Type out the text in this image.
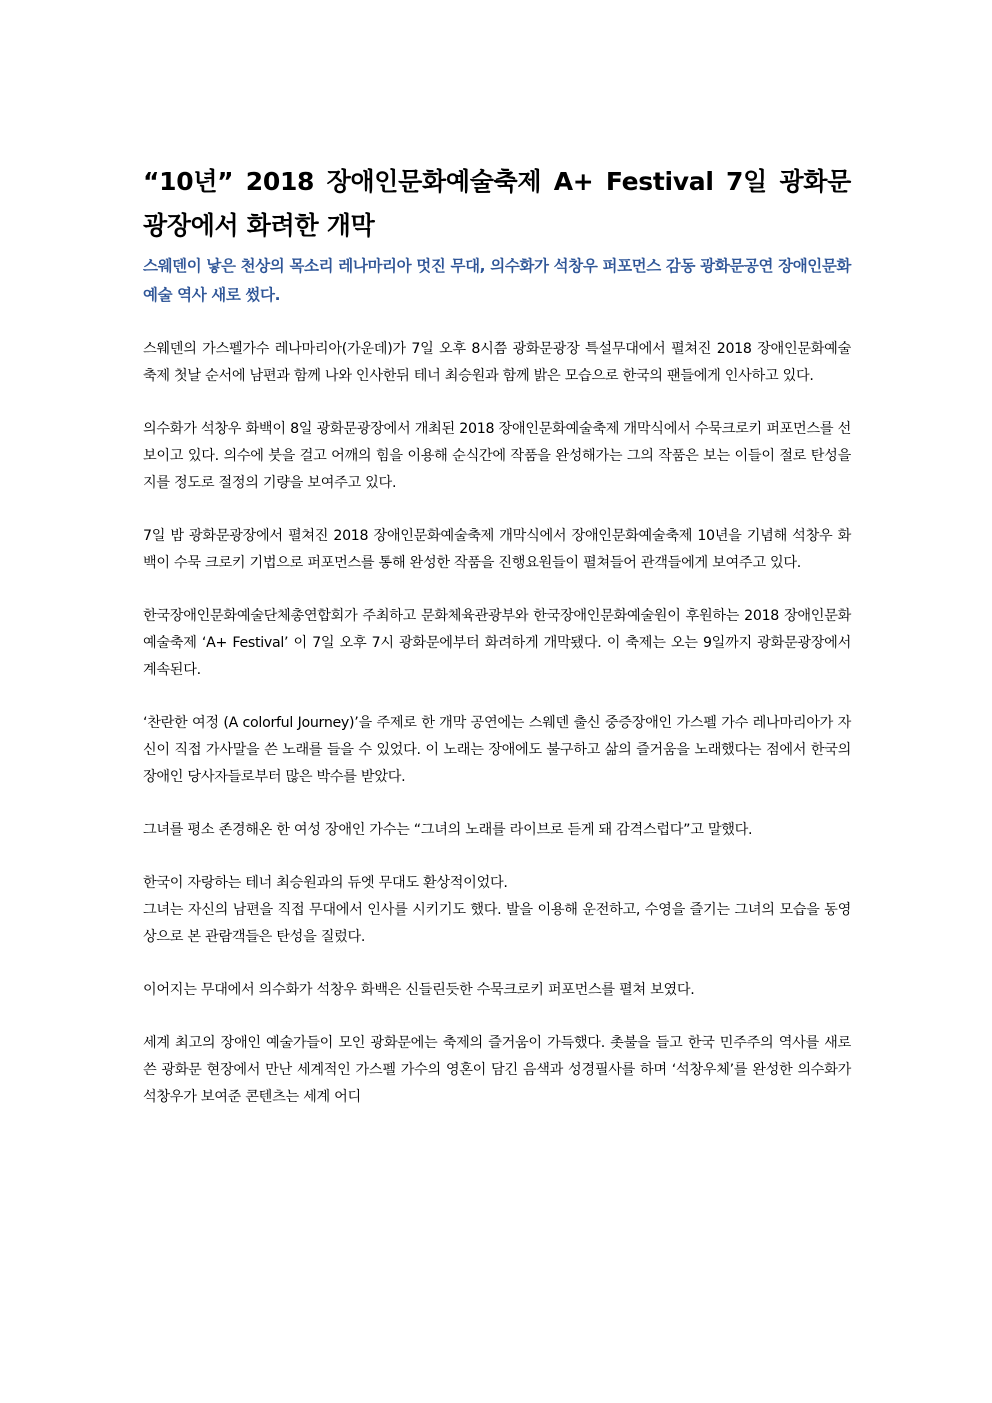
“10년” 2018 장애인문화예술축제 A+ Festival 7일 광화문 광장에서 화려한 개막

스웨덴이 낳은 천상의 목소리 레나마리아 멋진 무대, 의수화가 석창우 퍼포먼스 감동 광화문공연 장애인문화예술 역사 새로 썼다.

스웨덴의 가스펠가수 레나마리아(가운데)가 7일 오후 8시쯤 광화문광장 특설무대에서 펼쳐진 2018 장애인문화예술축제 첫날 순서에 남편과 함께 나와 인사한뒤 테너 최승원과 함께 밝은 모습으로 한국의 팬들에게 인사하고 있다.

의수화가 석창우 화백이 8일 광화문광장에서 개최된 2018 장애인문화예술축제 개막식에서 수묵크로키 퍼포먼스를 선보이고 있다. 의수에 붓을 걸고 어깨의 힘을 이용해 순식간에 작품을 완성해가는 그의 작품은 보는 이들이 절로 탄성을 지를 정도로 절정의 기량을 보여주고 있다.

7일 밤 광화문광장에서 펼쳐진 2018 장애인문화예술축제 개막식에서 장애인문화예술축제 10년을 기념해 석창우 화백이 수묵 크로키 기법으로 퍼포먼스를 통해 완성한 작품을 진행요원들이 펼쳐들어 관객들에게 보여주고 있다.

한국장애인문화예술단체총연합회가 주최하고 문화체육관광부와 한국장애인문화예술원이 후원하는 2018 장애인문화예술축제 ‘A+ Festival’ 이 7일 오후 7시 광화문에부터 화려하게 개막됐다. 이 축제는 오는 9일까지 광화문광장에서 계속된다.

‘찬란한 여정 (A colorful Journey)’을 주제로 한 개막 공연에는 스웨덴 출신 중증장애인 가스펠 가수 레나마리아가 자신이 직접 가사말을 쓴 노래를 들을 수 있었다. 이 노래는 장애에도 불구하고 삶의 즐거움을 노래했다는 점에서 한국의 장애인 당사자들로부터 많은 박수를 받았다.

그녀를 평소 존경해온 한 여성 장애인 가수는 “그녀의 노래를 라이브로 듣게 돼 감격스럽다”고 말했다.

한국이 자랑하는 테너 최승원과의 듀엣 무대도 환상적이었다.

그녀는 자신의 남편을 직접 무대에서 인사를 시키기도 했다. 발을 이용해 운전하고, 수영을 즐기는 그녀의 모습을 동영상으로 본 관람객들은 탄성을 질렀다.

이어지는 무대에서 의수화가 석창우 화백은 신들린듯한 수묵크로키 퍼포먼스를 펼쳐 보였다.

세계 최고의 장애인 예술가들이 모인 광화문에는 축제의 즐거움이 가득했다. 촛불을 들고 한국 민주주의 역사를 새로 쓴 광화문 현장에서 만난 세계적인 가스펠 가수의 영혼이 담긴 음색과 성경필사를 하며 ‘석창우체’를 완성한 의수화가 석창우가 보여준 콘텐츠는 세계 어디
